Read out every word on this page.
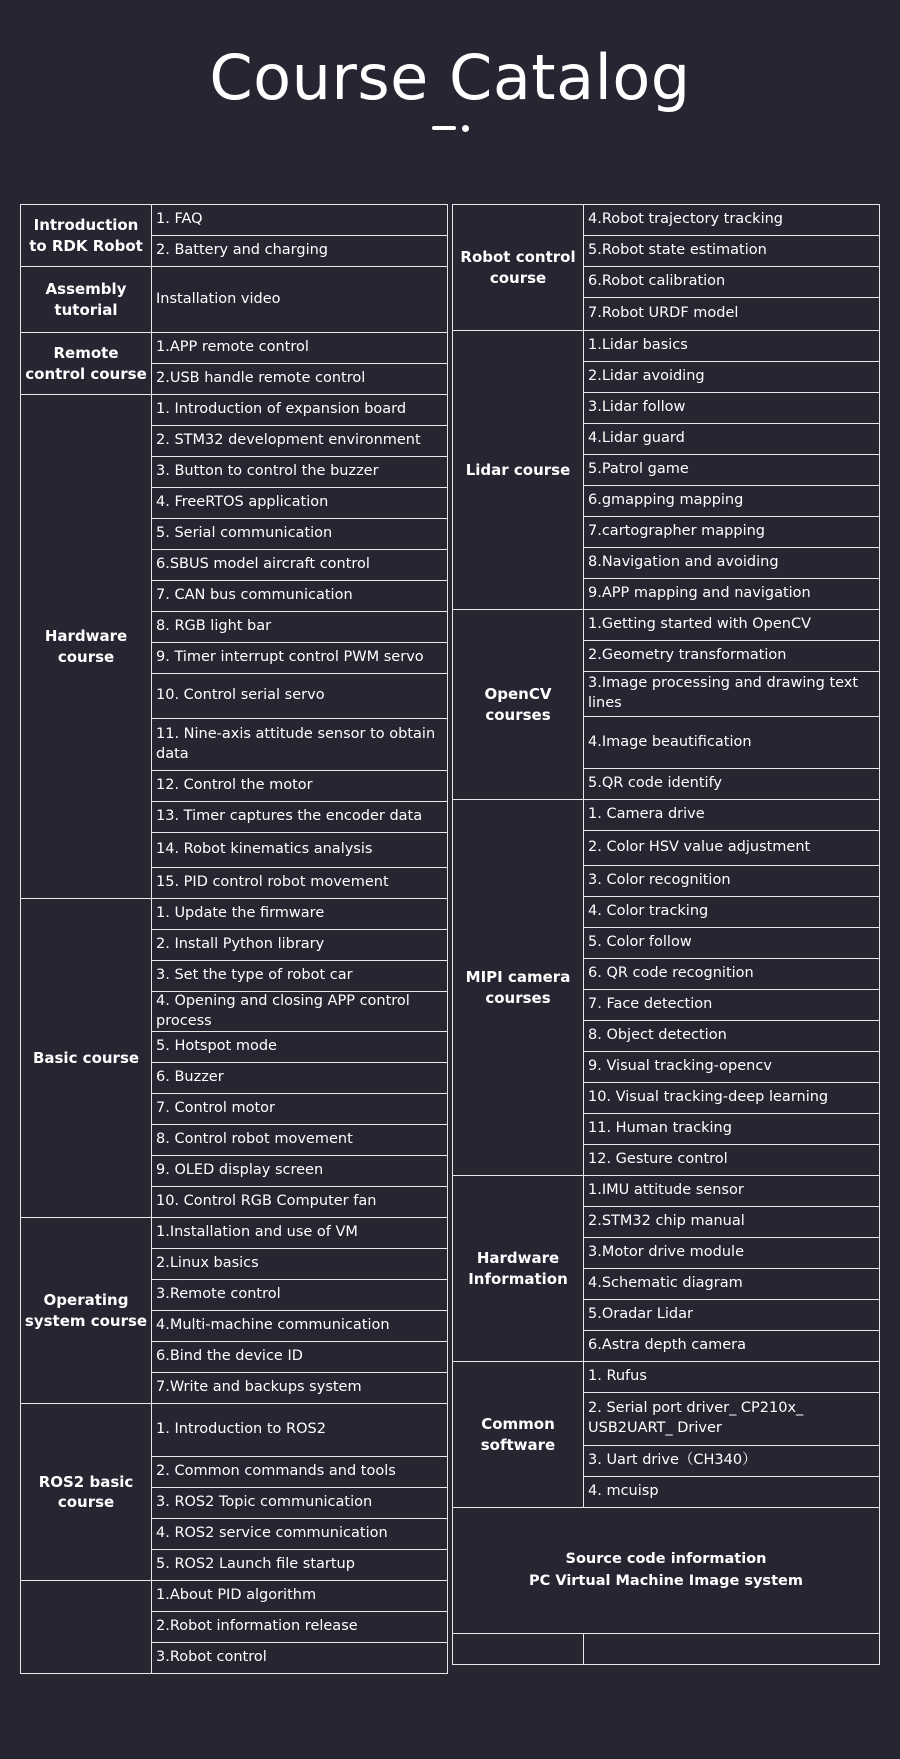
Course Catalog
Introduction to RDK Robot	1. FAQ
	2. Battery and charging
Assembly tutorial	Installation video
Remote control course	1.APP remote control
	2.USB handle remote control
Hardware course	1. Introduction of expansion board
	2. STM32 development environment
	3. Button to control the buzzer
	4. FreeRTOS application
	5. Serial communication
	6.SBUS model aircraft control
	7. CAN bus communication
	8. RGB light bar
	9. Timer interrupt control PWM servo
	10. Control serial servo
	11. Nine-axis attitude sensor to obtain data
	12. Control the motor
	13. Timer captures the encoder data
	14. Robot kinematics analysis
	15. PID control robot movement
Basic course	1. Update the firmware
	2. Install Python library
	3. Set the type of robot car
	4. Opening and closing APP control process
	5. Hotspot mode
	6. Buzzer
	7. Control motor
	8. Control robot movement
	9. OLED display screen
	10. Control RGB Computer fan
Operating system course	1.Installation and use of VM
	2.Linux basics
	3.Remote control
	4.Multi-machine communication
	6.Bind the device ID
	7.Write and backups system
ROS2 basic course	1. Introduction to ROS2
	2. Common commands and tools
	3. ROS2 Topic communication
	4. ROS2 service communication
	5. ROS2 Launch file startup
	1.About PID algorithm
	2.Robot information release
	3.Robot control
Robot control course	4.Robot trajectory tracking
	5.Robot state estimation
	6.Robot calibration
	7.Robot URDF model
Lidar course	1.Lidar basics
	2.Lidar avoiding
	3.Lidar follow
	4.Lidar guard
	5.Patrol game
	6.gmapping mapping
	7.cartographer mapping
	8.Navigation and avoiding
	9.APP mapping and navigation
OpenCV courses	1.Getting started with OpenCV
	2.Geometry transformation
	3.Image processing and drawing text lines
	4.Image beautification
	5.QR code identify
MIPI camera courses	1. Camera drive
	2. Color HSV value adjustment
	3. Color recognition
	4. Color tracking
	5. Color follow
	6. QR code recognition
	7. Face detection
	8. Object detection
	9. Visual tracking-opencv
	10. Visual tracking-deep learning
	11. Human tracking
	12. Gesture control
Hardware Information	1.IMU attitude sensor
	2.STM32 chip manual
	3.Motor drive module
	4.Schematic diagram
	5.Oradar Lidar
	6.Astra depth camera
Common software	1. Rufus
	2. Serial port driver_ CP210x_ USB2UART_ Driver
	3. Uart drive（CH340）
	4. mcuisp

Source code information
PC Virtual Machine Image system	
